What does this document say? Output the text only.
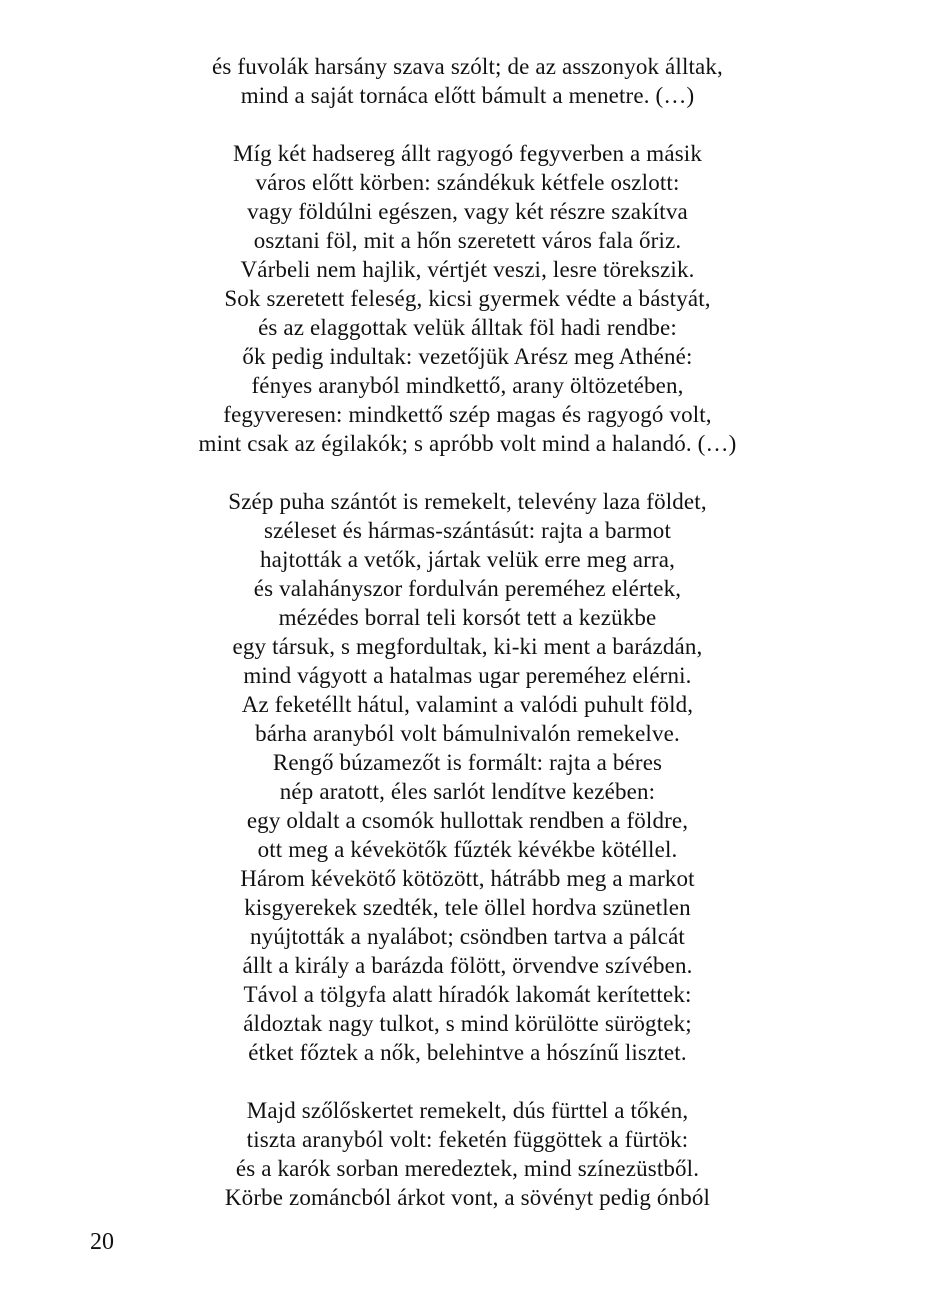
és fuvolák harsány szava szólt; de az asszonyok álltak,
mind a saját tornáca előtt bámult a menetre. (…)
Míg két hadsereg állt ragyogó fegyverben a másik
város előtt körben: szándékuk kétfele oszlott:
vagy földúlni egészen, vagy két részre szakítva
osztani föl, mit a hőn szeretett város fala őriz.
Várbeli nem hajlik, vértjét veszi, lesre törekszik.
Sok szeretett feleség, kicsi gyermek védte a bástyát,
és az elaggottak velük álltak föl hadi rendbe:
ők pedig indultak: vezetőjük Arész meg Athéné:
fényes aranyból mindkettő, arany öltözetében,
fegyveresen: mindkettő szép magas és ragyogó volt,
mint csak az égilakók; s apróbb volt mind a halandó. (…)
Szép puha szántót is remekelt, televény laza földet,
széleset és hármas-szántásút: rajta a barmot
hajtották a vetők, jártak velük erre meg arra,
és valahányszor fordulván pereméhez elértek,
mézédes borral teli korsót tett a kezükbe
egy társuk, s megfordultak, ki-ki ment a barázdán,
mind vágyott a hatalmas ugar pereméhez elérni.
Az feketéllt hátul, valamint a valódi puhult föld,
bárha aranyból volt bámulnivalón remekelve.
Rengő búzamezőt is formált: rajta a béres
nép aratott, éles sarlót lendítve kezében:
egy oldalt a csomók hullottak rendben a földre,
ott meg a kévekötők fűzték kévékbe kötéllel.
Három kévekötő kötözött, hátrább meg a markot
kisgyerekek szedték, tele öllel hordva szünetlen
nyújtották a nyalábot; csöndben tartva a pálcát
állt a király a barázda fölött, örvendve szívében.
Távol a tölgyfa alatt híradók lakomát kerítettek:
áldoztak nagy tulkot, s mind körülötte sürögtek;
étket főztek a nők, belehintve a hószínű lisztet.
Majd szőlőskertet remekelt, dús fürttel a tőkén,
tiszta aranyból volt: feketén függöttek a fürtök:
és a karók sorban meredeztek, mind színezüstből.
Körbe zománcból árkot vont, a sövényt pedig ónból
20
